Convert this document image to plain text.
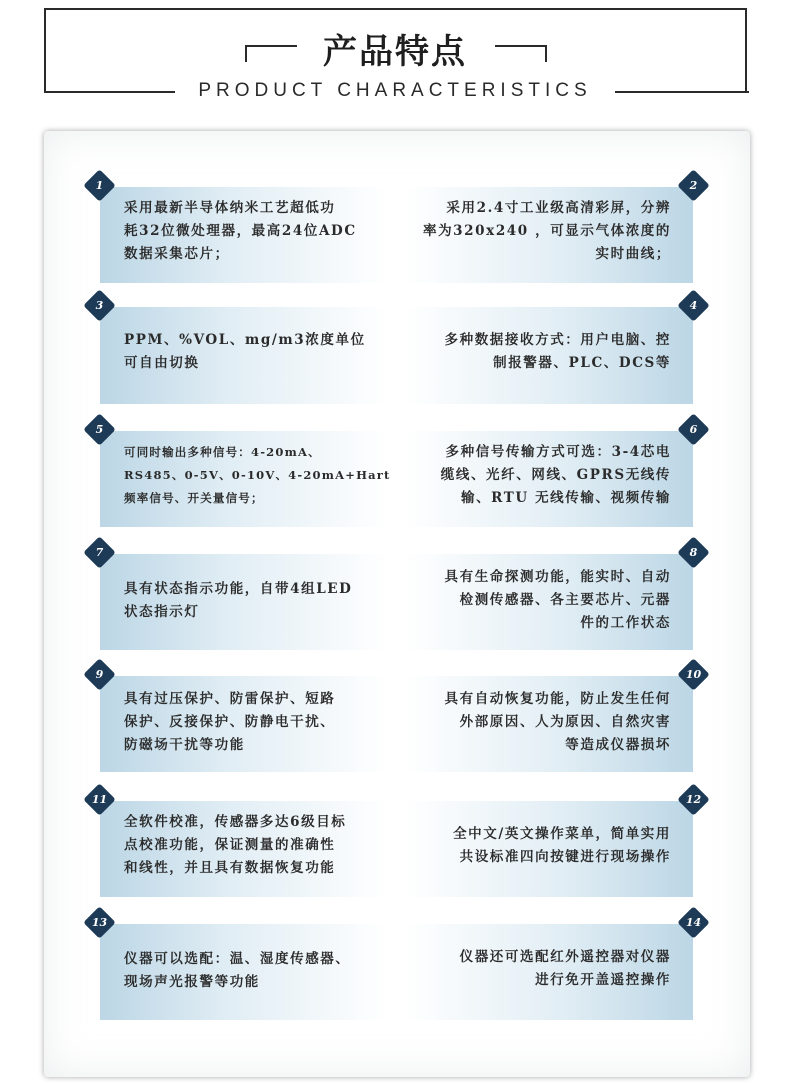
产品特点
PRODUCT CHARACTERISTICS
1
采用最新半导体纳米工艺超低功
耗32位微处理器，最高24位ADC
数据采集芯片；
2
采用2.4寸工业级高清彩屏，分辨
率为320x240 ，可显示气体浓度的
实时曲线；
3
PPM、%VOL、mg/m3浓度单位
可自由切换
4
多种数据接收方式：用户电脑、控
制报警器、PLC、DCS等
5
可同时输出多种信号：4-20mA、
RS485、0-5V、0-10V、4-20mA+Hart
频率信号、开关量信号；
6
多种信号传输方式可选：3-4芯电
缆线、光纤、网线、GPRS无线传
输、RTU 无线传输、视频传输
7
具有状态指示功能，自带4组LED
状态指示灯
8
具有生命探测功能，能实时、自动
检测传感器、各主要芯片、元器
件的工作状态
9
具有过压保护、防雷保护、短路
保护、反接保护、防静电干扰、
防磁场干扰等功能
10
具有自动恢复功能，防止发生任何
外部原因、人为原因、自然灾害
等造成仪器损坏
11
全软件校准，传感器多达6级目标
点校准功能，保证测量的准确性
和线性，并且具有数据恢复功能
12
全中文/英文操作菜单，简单实用
共设标准四向按键进行现场操作
13
仪器可以选配：温、湿度传感器、
现场声光报警等功能
14
仪器还可选配红外遥控器对仪器
进行免开盖遥控操作
